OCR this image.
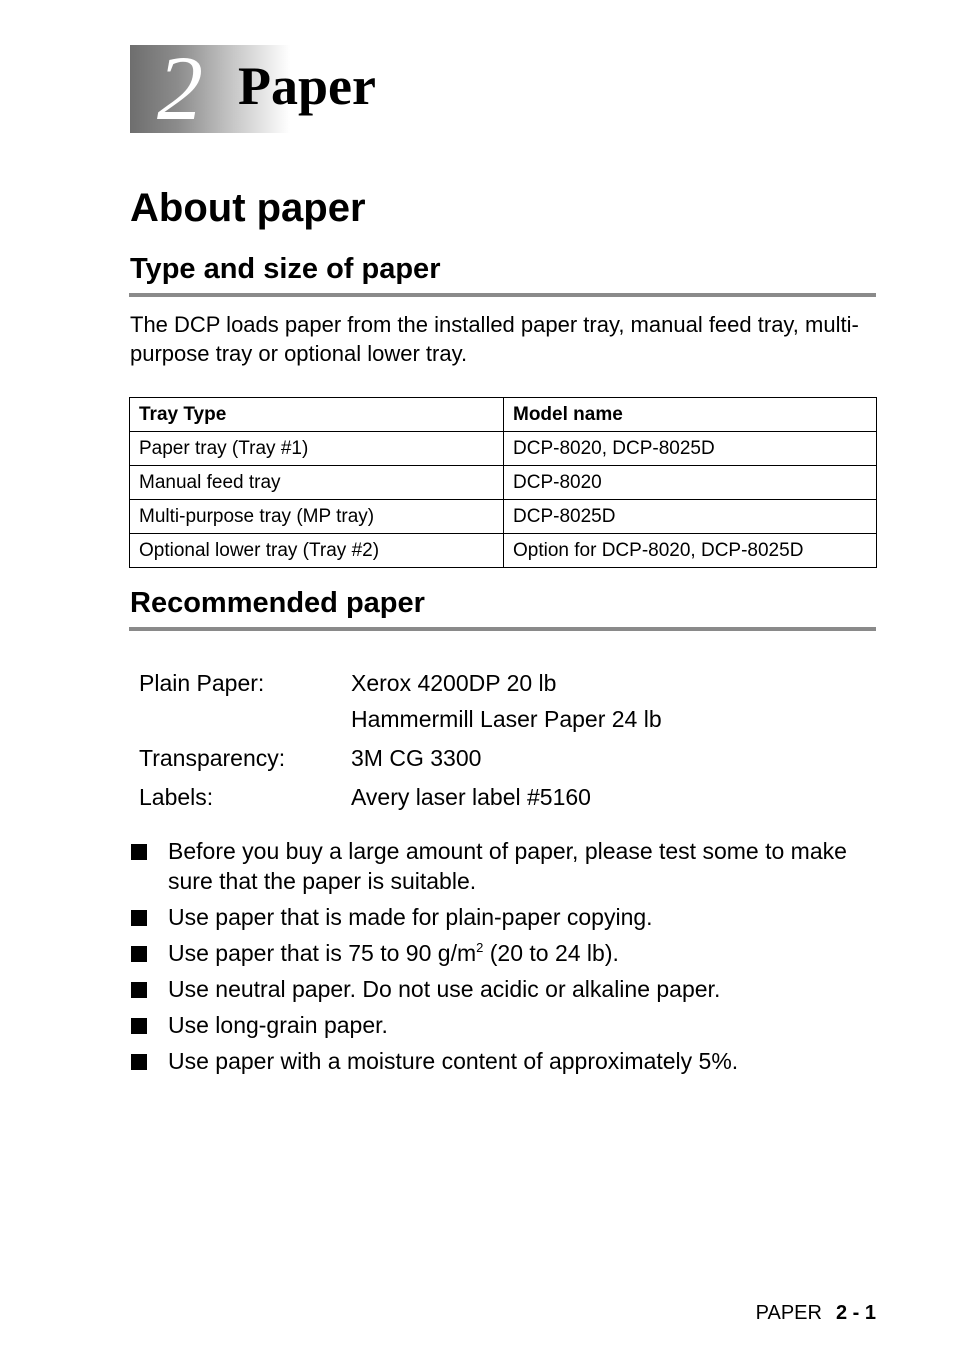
2 Paper
About paper
Type and size of paper
The DCP loads paper from the installed paper tray, manual feed tray, multi-purpose tray or optional lower tray.
Tray Type	Model name
Paper tray (Tray #1)	DCP-8020, DCP-8025D
Manual feed tray	DCP-8020
Multi-purpose tray (MP tray)	DCP-8025D
Optional lower tray (Tray #2)	Option for DCP-8020, DCP-8025D
Recommended paper
Plain Paper:	Xerox 4200DP 20 lb
Hammermill Laser Paper 24 lb
Transparency:	3M CG 3300
Labels:	Avery laser label #5160
Before you buy a large amount of paper, please test some to make sure that the paper is suitable.
Use paper that is made for plain-paper copying.
Use paper that is 75 to 90 $g/m^2$ (20 to 24 lb).
Use neutral paper. Do not use acidic or alkaline paper.
Use long-grain paper.
Use paper with a moisture content of approximately 5%.
PAPER 2 - 1
